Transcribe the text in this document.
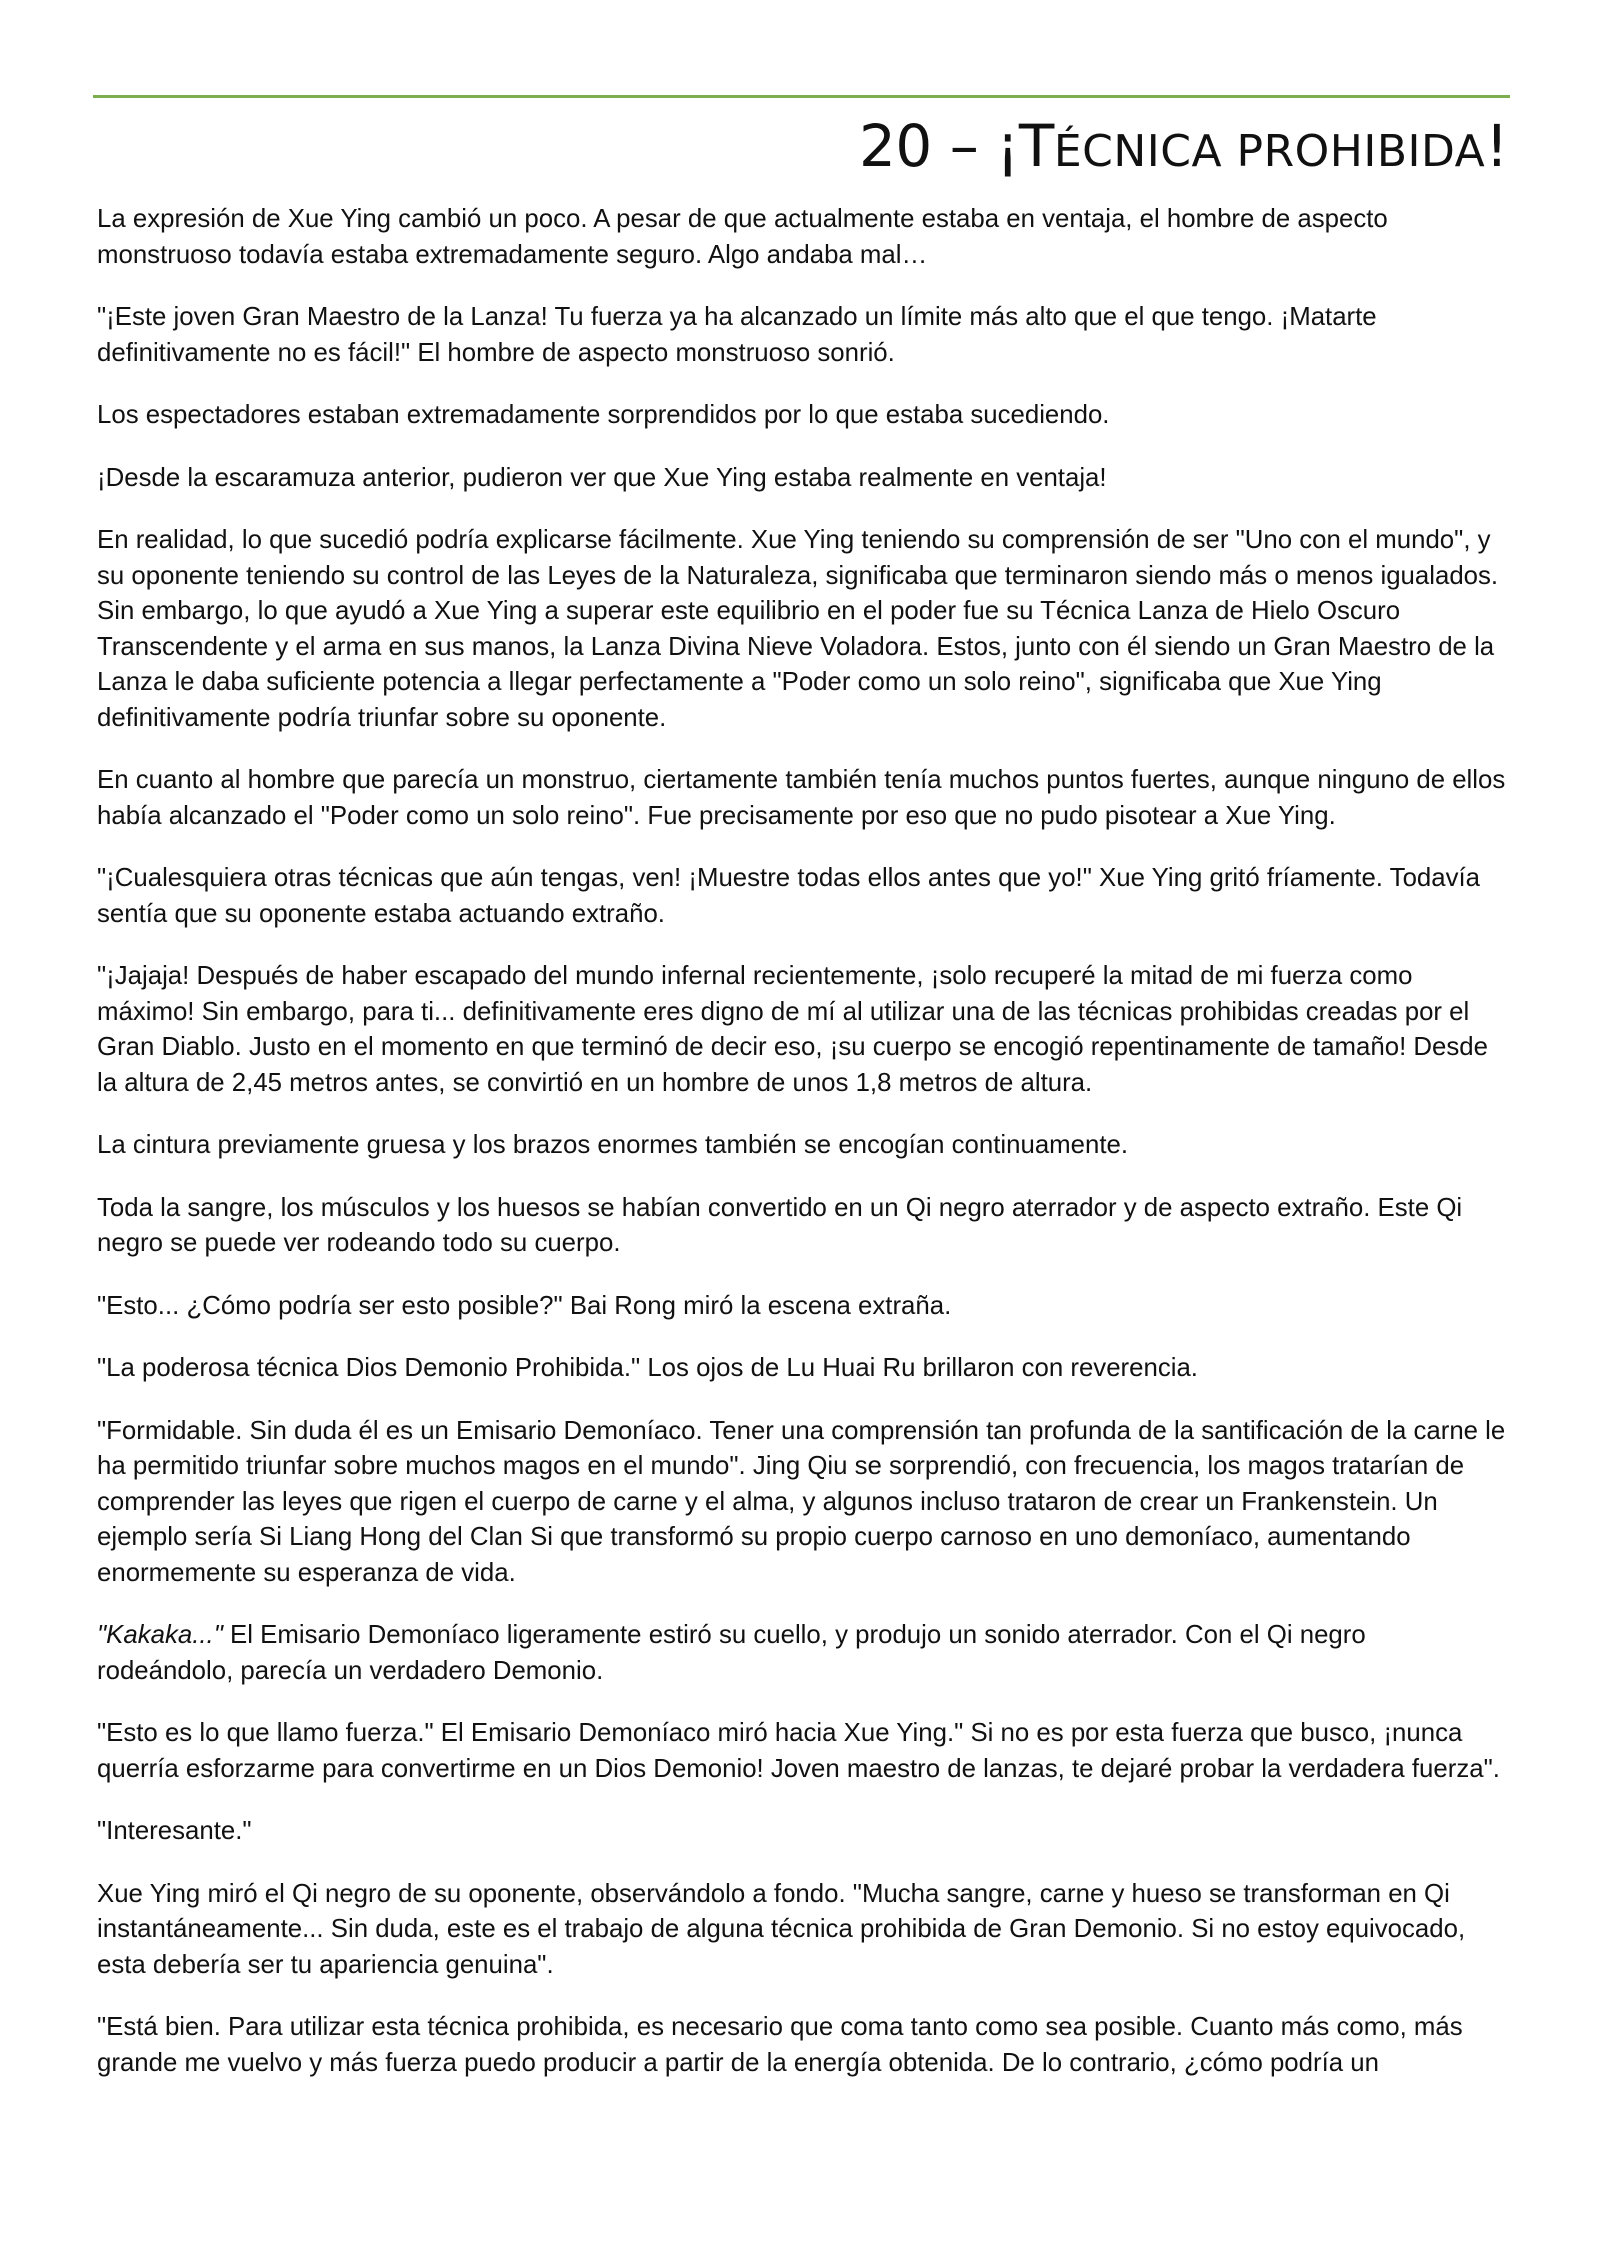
20 – ¡TÉCNICA PROHIBIDA!

La expresión de Xue Ying cambió un poco. A pesar de que actualmente estaba en ventaja, el hombre de aspecto monstruoso todavía estaba extremadamente seguro. Algo andaba mal…

"¡Este joven Gran Maestro de la Lanza! Tu fuerza ya ha alcanzado un límite más alto que el que tengo. ¡Matarte definitivamente no es fácil!" El hombre de aspecto monstruoso sonrió.

Los espectadores estaban extremadamente sorprendidos por lo que estaba sucediendo.

¡Desde la escaramuza anterior, pudieron ver que Xue Ying estaba realmente en ventaja!

En realidad, lo que sucedió podría explicarse fácilmente. Xue Ying teniendo su comprensión de ser "Uno con el mundo", y su oponente teniendo su control de las Leyes de la Naturaleza, significaba que terminaron siendo más o menos igualados. Sin embargo, lo que ayudó a Xue Ying a superar este equilibrio en el poder fue su Técnica Lanza de Hielo Oscuro Transcendente y el arma en sus manos, la Lanza Divina Nieve Voladora. Estos, junto con él siendo un Gran Maestro de la Lanza le daba suficiente potencia a llegar perfectamente a "Poder como un solo reino", significaba que Xue Ying definitivamente podría triunfar sobre su oponente.

En cuanto al hombre que parecía un monstruo, ciertamente también tenía muchos puntos fuertes, aunque ninguno de ellos había alcanzado el "Poder como un solo reino". Fue precisamente por eso que no pudo pisotear a Xue Ying.

"¡Cualesquiera otras técnicas que aún tengas, ven! ¡Muestre todas ellos antes que yo!" Xue Ying gritó fríamente. Todavía sentía que su oponente estaba actuando extraño.

"¡Jajaja! Después de haber escapado del mundo infernal recientemente, ¡solo recuperé la mitad de mi fuerza como máximo! Sin embargo, para ti... definitivamente eres digno de mí al utilizar una de las técnicas prohibidas creadas por el Gran Diablo. Justo en el momento en que terminó de decir eso, ¡su cuerpo se encogió repentinamente de tamaño! Desde la altura de 2,45 metros antes, se convirtió en un hombre de unos 1,8 metros de altura.

La cintura previamente gruesa y los brazos enormes también se encogían continuamente.

Toda la sangre, los músculos y los huesos se habían convertido en un Qi negro aterrador y de aspecto extraño. Este Qi negro se puede ver rodeando todo su cuerpo.

"Esto... ¿Cómo podría ser esto posible?" Bai Rong miró la escena extraña.

"La poderosa técnica Dios Demonio Prohibida." Los ojos de Lu Huai Ru brillaron con reverencia.

"Formidable. Sin duda él es un Emisario Demoníaco. Tener una comprensión tan profunda de la santificación de la carne le ha permitido triunfar sobre muchos magos en el mundo". Jing Qiu se sorprendió, con frecuencia, los magos tratarían de comprender las leyes que rigen el cuerpo de carne y el alma, y algunos incluso trataron de crear un Frankenstein. Un ejemplo sería Si Liang Hong del Clan Si que transformó su propio cuerpo carnoso en uno demoníaco, aumentando enormemente su esperanza de vida.

"Kakaka..." El Emisario Demoníaco ligeramente estiró su cuello, y produjo un sonido aterrador. Con el Qi negro rodeándolo, parecía un verdadero Demonio.

"Esto es lo que llamo fuerza." El Emisario Demoníaco miró hacia Xue Ying." Si no es por esta fuerza que busco, ¡nunca querría esforzarme para convertirme en un Dios Demonio! Joven maestro de lanzas, te dejaré probar la verdadera fuerza".

"Interesante."

Xue Ying miró el Qi negro de su oponente, observándolo a fondo. "Mucha sangre, carne y hueso se transforman en Qi instantáneamente... Sin duda, este es el trabajo de alguna técnica prohibida de Gran Demonio. Si no estoy equivocado, esta debería ser tu apariencia genuina".

"Está bien. Para utilizar esta técnica prohibida, es necesario que coma tanto como sea posible. Cuanto más como, más grande me vuelvo y más fuerza puedo producir a partir de la energía obtenida. De lo contrario, ¿cómo podría un
